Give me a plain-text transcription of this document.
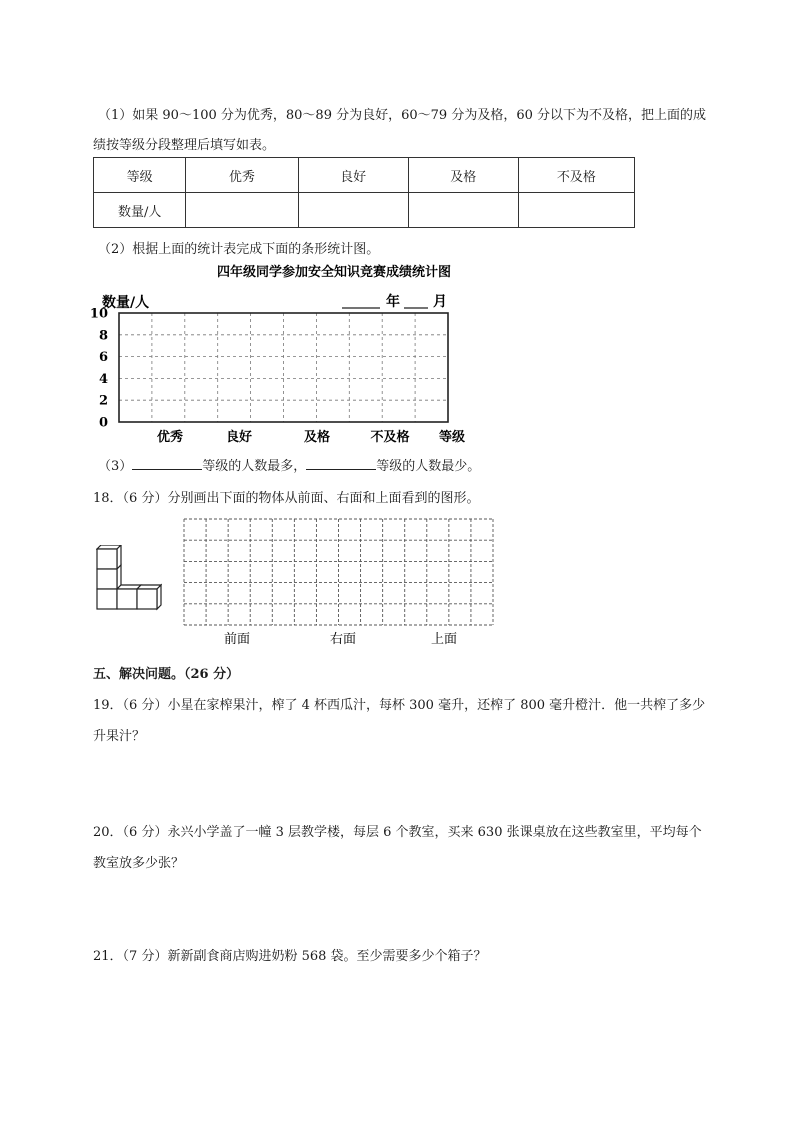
（1）如果 90～100 分为优秀，80～89 分为良好，60～79 分为及格，60 分以下为不及格，把上面的成
绩按等级分段整理后填写如表。
等级	优秀	良好	及格	不及格
数量/人				
（2）根据上面的统计表完成下面的条形统计图。
四年级同学参加安全知识竞赛成绩统计图
数量/人	年 月
0
2
4
6
8
10
优秀	良好	及格	不及格 等级
（3）	等级的人数最多，	等级的人数最少。
18．（6 分）分别画出下面的物体从前面、右面和上面看到的图形。
前面	右面	上面
五、解决问题。（26 分）
19．（6 分）小星在家榨果汁，榨了 4 杯西瓜汁，每杯 300 毫升，还榨了 800 毫升橙汁．他一共榨了多少
升果汁？
20．（6 分）永兴小学盖了一幢 3 层教学楼，每层 6 个教室，买来 630 张课桌放在这些教室里，平均每个
教室放多少张？
21．（7 分）新新副食商店购进奶粉 568 袋。至少需要多少个箱子？
